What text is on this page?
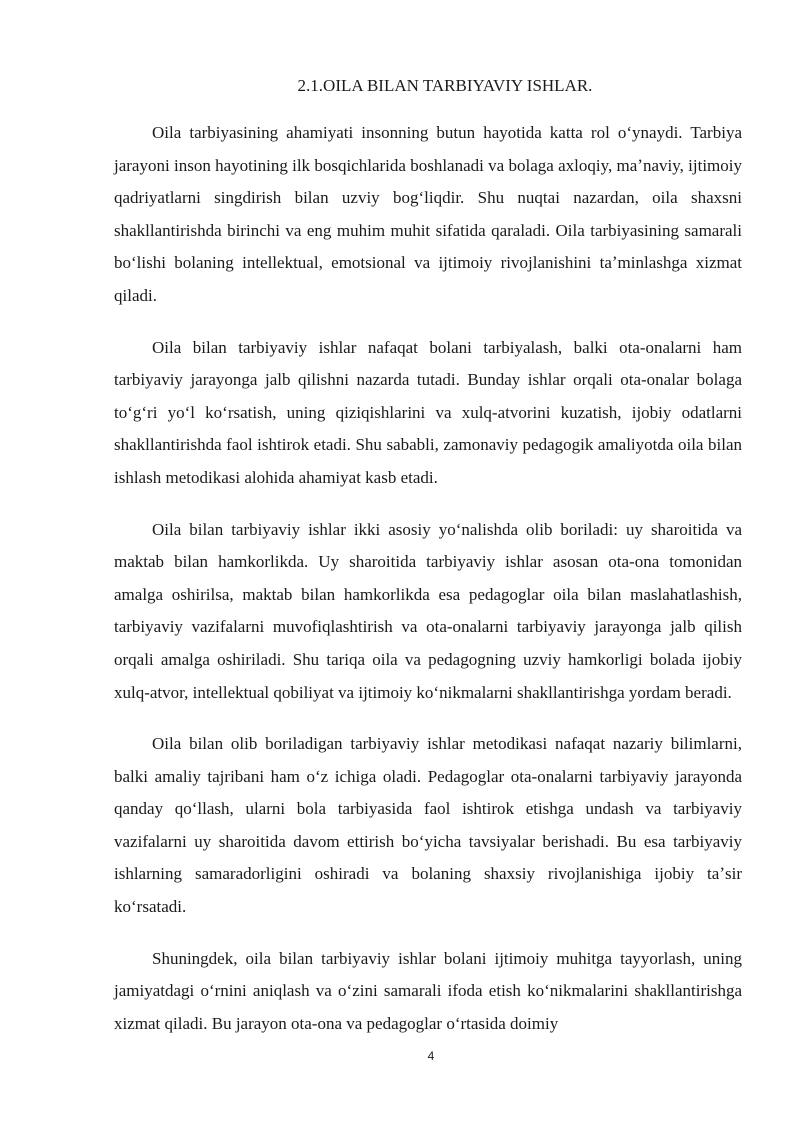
2.1.OILA BILAN TARBIYAVIY ISHLAR.

Oila tarbiyasining ahamiyati insonning butun hayotida katta rol oʻynaydi. Tarbiya jarayoni inson hayotining ilk bosqichlarida boshlanadi va bolaga axloqiy, maʼnaviy, ijtimoiy qadriyatlarni singdirish bilan uzviy bogʻliqdir. Shu nuqtai nazardan, oila shaxsni shakllantirishda birinchi va eng muhim muhit sifatida qaraladi. Oila tarbiyasining samarali boʻlishi bolaning intellektual, emotsional va ijtimoiy rivojlanishini taʼminlashga xizmat qiladi.

Oila bilan tarbiyaviy ishlar nafaqat bolani tarbiyalash, balki ota-onalarni ham tarbiyaviy jarayonga jalb qilishni nazarda tutadi. Bunday ishlar orqali ota-onalar bolaga toʻgʻri yoʻl koʻrsatish, uning qiziqishlarini va xulq-atvorini kuzatish, ijobiy odatlarni shakllantirishda faol ishtirok etadi. Shu sababli, zamonaviy pedagogik amaliyotda oila bilan ishlash metodikasi alohida ahamiyat kasb etadi.

Oila bilan tarbiyaviy ishlar ikki asosiy yoʻnalishda olib boriladi: uy sharoitida va maktab bilan hamkorlikda. Uy sharoitida tarbiyaviy ishlar asosan ota-ona tomonidan amalga oshirilsa, maktab bilan hamkorlikda esa pedagoglar oila bilan maslahatlashish, tarbiyaviy vazifalarni muvofiqlashtirish va ota-onalarni tarbiyaviy jarayonga jalb qilish orqali amalga oshiriladi. Shu tariqa oila va pedagogning uzviy hamkorligi bolada ijobiy xulq-atvor, intellektual qobiliyat va ijtimoiy koʻnikmalarni shakllantirishga yordam beradi.

Oila bilan olib boriladigan tarbiyaviy ishlar metodikasi nafaqat nazariy bilimlarni, balki amaliy tajribani ham oʻz ichiga oladi. Pedagoglar ota-onalarni tarbiyaviy jarayonda qanday qoʻllash, ularni bola tarbiyasida faol ishtirok etishga undash va tarbiyaviy vazifalarni uy sharoitida davom ettirish boʻyicha tavsiyalar berishadi. Bu esa tarbiyaviy ishlarning samaradorligini oshiradi va bolaning shaxsiy rivojlanishiga ijobiy taʼsir koʻrsatadi.

Shuningdek, oila bilan tarbiyaviy ishlar bolani ijtimoiy muhitga tayyorlash, uning jamiyatdagi oʻrnini aniqlash va oʻzini samarali ifoda etish koʻnikmalarini shakllantirishga xizmat qiladi. Bu jarayon ota-ona va pedagoglar oʻrtasida doimiy

4
